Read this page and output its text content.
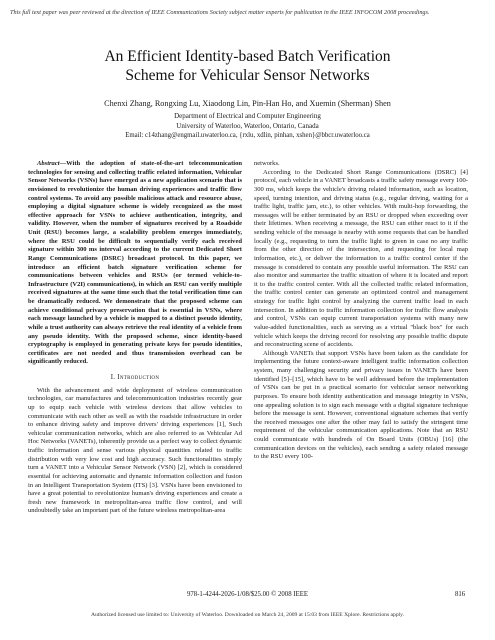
This full text paper was peer reviewed at the direction of IEEE Communications Society subject matter experts for publication in the IEEE INFOCOM 2008 proceedings.
An Efficient Identity-based Batch Verification
Scheme for Vehicular Sensor Networks
Chenxi Zhang, Rongxing Lu, Xiaodong Lin, Pin-Han Ho, and Xuemin (Sherman) Shen
Department of Electrical and Computer Engineering
University of Waterloo, Waterloo, Ontario, Canada
Email: c14zhang@engmail.uwaterloo.ca, {rxlu, xdlin, pinhan, xshen}@bbcr.uwaterloo.ca

Abstract—With the adoption of state-of-the-art telecommunication technologies for sensing and collecting traffic related information, Vehicular Sensor Networks (VSNs) have emerged as a new application scenario that is envisioned to revolutionize the human driving experiences and traffic flow control systems. To avoid any possible malicious attack and resource abuse, employing a digital signature scheme is widely recognized as the most effective approach for VSNs to achieve authentication, integrity, and validity. However, when the number of signatures received by a Roadside Unit (RSU) becomes large, a scalability problem emerges immediately, where the RSU could be difficult to sequentially verify each received signature within 300 ms interval according to the current Dedicated Short Range Communications (DSRC) broadcast protocol. In this paper, we introduce an efficient batch signature verification scheme for communications between vehicles and RSUs (or termed vehicle-to-Infrastructure (V2I) communications), in which an RSU can verify multiple received signatures at the same time such that the total verification time can be dramatically reduced. We demonstrate that the proposed scheme can achieve conditional privacy preservation that is essential in VSNs, where each message launched by a vehicle is mapped to a distinct pseudo identity, while a trust authority can always retrieve the real identity of a vehicle from any pseudo identity. With the proposed scheme, since identity-based cryptography is employed in generating private keys for pseudo identities, certificates are not needed and thus transmission overhead can be significantly reduced.

I. Introduction

With the advancement and wide deployment of wireless communication technologies, car manufactures and telecommunication industries recently gear up to equip each vehicle with wireless devices that allow vehicles to communicate with each other as well as with the roadside infrastructure in order to enhance driving safety and improve drivers' driving experiences [1], Such vehicular communication networks, which are also referred to as Vehicular Ad Hoc Networks (VANETs), inherently provide us a perfect way to collect dynamic traffic information and sense various physical quantities related to traffic distribution with very low cost and high accuracy. Such functionalities simply turn a VANET into a Vehicular Sensor Network (VSN) [2], which is considered essential for achieving automatic and dynamic information collection and fusion in an Intelligent Transportation System (ITS) [3]. VSNs have been envisioned to have a great potential to revolutionize human's driving experiences and create a fresh new framework in metropolitan-area traffic flow control, and will undoubtedly take an important part of the future wireless metropolitan-area

networks.

According to the Dedicated Short Range Communications (DSRC) [4] protocol, each vehicle in a VANET broadcasts a traffic safety message every 100-300 ms, which keeps the vehicle's driving related information, such as location, speed, turning intention, and driving status (e.g., regular driving, waiting for a traffic light, traffic jam, etc.), to other vehicles. With multi-hop forwarding, the messages will be either terminated by an RSU or dropped when exceeding over their lifetimes. When receiving a message, the RSU can either react to it if the sending vehicle of the message is nearby with some requests that can be handled locally (e.g., requesting to turn the traffic light to green in case no any traffic from the other direction of the intersection, and requesting for local map information, etc.), or deliver the information to a traffic control center if the message is considered to contain any possible useful information. The RSU can also monitor and summarize the traffic situation of where it is located and report it to the traffic control center. With all the collected traffic related information, the traffic control center can generate an optimized control and management strategy for traffic light control by analyzing the current traffic load in each intersection. In addition to traffic information collection for traffic flow analysis and control, VSNs can equip current transportation systems with many new value-added functionalities, such as serving as a virtual "black box" for each vehicle which keeps the driving record for resolving any possible traffic dispute and reconstructing scene of accidents.

Although VANETs that support VSNs have been taken as the candidate for implementing the future context-aware intelligent traffic information collection system, many challenging security and privacy issues in VANETs have been identified [5]–[15], which have to be well addressed before the implementation of VSNs can be put in a practical scenario for vehicular sensor networking purposes. To ensure both identity authentication and message integrity in VSNs, one appealing solution is to sign each message with a digital signature technique before the message is sent. However, conventional signature schemes that verify the received messages one after the other may fail to satisfy the stringent time requirement of the vehicular communication applications. Note that an RSU could communicate with hundreds of On Board Units (OBUs) [16] (the communication devices on the vehicles), each sending a safety related message to the RSU every 100-

978-1-4244-2026-1/08/$25.00 © 2008 IEEE	816
Authorized licensed use limited to: University of Waterloo. Downloaded on March 24, 2009 at 15:03 from IEEE Xplore. Restrictions apply.
